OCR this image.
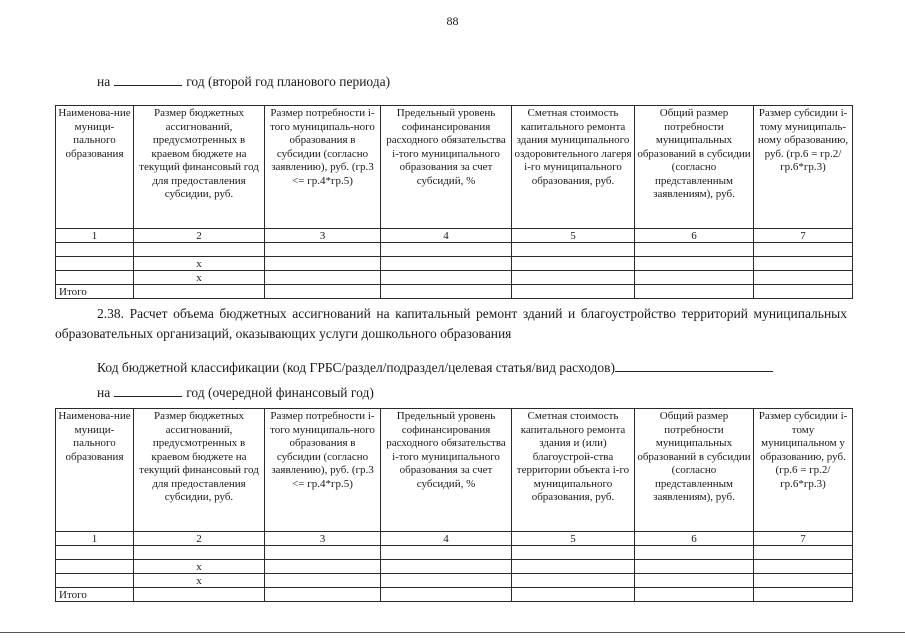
88
на	год (второй год планового периода)
Наименова-ние муници-пального образования	Размер бюджетных ассигнований, предусмотренных в краевом бюджете на текущий финансовый год для предоставления субсидии, руб.	Размер потребности i-того муниципаль-ного образования в субсидии (согласно заявлению), руб. (гр.3 <= гр.4*гр.5)	Предельный уровень софинансирования расходного обязательства i-того муниципального образования за счет субсидий, %	Сметная стоимость капитального ремонта здания муниципального оздоровительного лагеря i-го муниципального образования, руб.	Общий размер потребности муниципальных образований в субсидии (согласно представленным заявлениям), руб.	Размер субсидии i-тому муниципаль-ному образованию, руб. (гр.6 = гр.2/гр.6*гр.3)
1	2	3	4	5	6	7

	x					
	x					
Итого						
2.38. Расчет объема бюджетных ассигнований на капитальный ремонт зданий и благоустройство территорий муниципальных образовательных организаций, оказывающих услуги дошкольного образования
Код бюджетной классификации (код ГРБС/раздел/подраздел/целевая статья/вид расходов)
на	год (очередной финансовый год)
Наименова-ние муници-пального образования	Размер бюджетных ассигнований, предусмотренных в краевом бюджете на текущий финансовый год для предоставления субсидии, руб.	Размер потребности i-того муниципаль-ного образования в субсидии (согласно заявлению), руб. (гр.3 <= гр.4*гр.5)	Предельный уровень софинансирования расходного обязательства i-того муниципального образования за счет субсидий, %	Сметная стоимость капитального ремонта здания и (или) благоустрой-ства территории объекта i-го муниципального образования, руб.	Общий размер потребности муниципальных образований в субсидии (согласно представленным заявлениям), руб.	Размер субсидии i-тому муниципальном у образованию, руб. (гр.6 = гр.2/гр.6*гр.3)
1	2	3	4	5	6	7

	x					
	x					
Итого						
